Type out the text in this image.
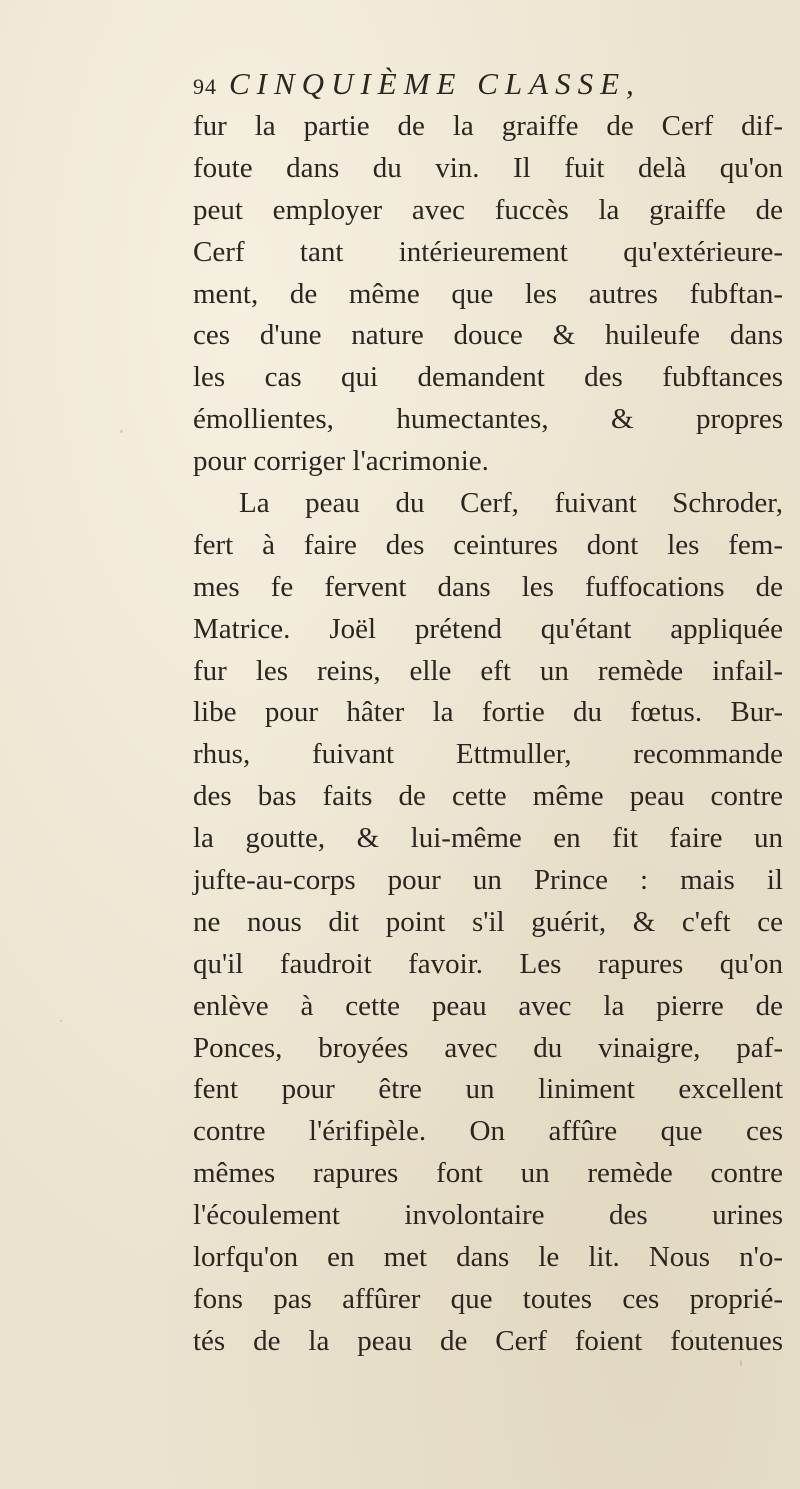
94 CINQUIÈME CLASSE,
fur la partie de la graiffe de Cerf dif-
foute dans du vin. Il fuit delà qu'on
peut employer avec fuccès la graiffe de
Cerf tant intérieurement qu'extérieure-
ment, de même que les autres fubftan-
ces d'une nature douce & huileufe dans
les cas qui demandent des fubftances
émollientes, humectantes, & propres
pour corriger l'acrimonie.
La peau du Cerf, fuivant Schroder,
fert à faire des ceintures dont les fem-
mes fe fervent dans les fuffocations de
Matrice. Joël prétend qu'étant appliquée
fur les reins, elle eft un remède infail-
libe pour hâter la fortie du fœtus. Bur-
rhus, fuivant Ettmuller, recommande
des bas faits de cette même peau contre
la goutte, & lui-même en fit faire un
jufte-au-corps pour un Prince : mais il
ne nous dit point s'il guérit, & c'eft ce
qu'il faudroit favoir. Les rapures qu'on
enlève à cette peau avec la pierre de
Ponces, broyées avec du vinaigre, paf-
fent pour être un liniment excellent
contre l'érifipèle. On affûre que ces
mêmes rapures font un remède contre
l'écoulement involontaire des urines
lorfqu'on en met dans le lit. Nous n'o-
fons pas affûrer que toutes ces proprié-
tés de la peau de Cerf foient foutenues
